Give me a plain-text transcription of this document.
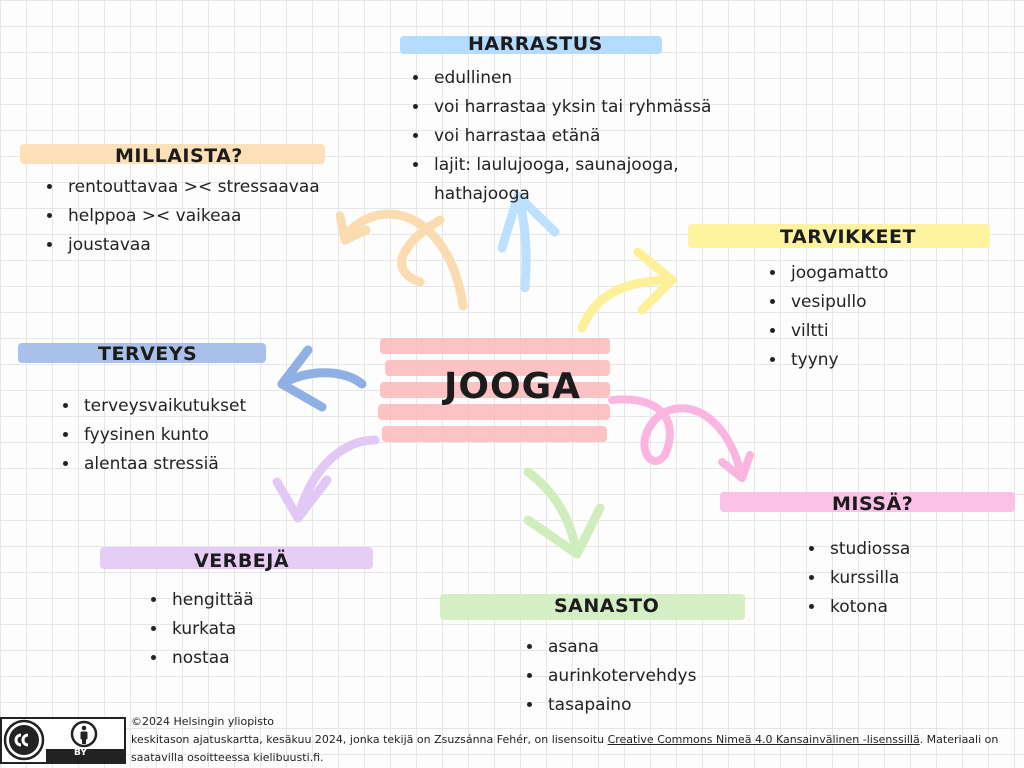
JOOGA
HARRASTUS
• edullinen
• voi harrastaa yksin tai ryhmässä
• voi harrastaa etänä
• lajit: laulujooga, saunajooga, hathajooga
MILLAISTA?
• rentouttavaa >< stressaavaa
• helppoa >< vaikeaa
• joustavaa	TARVIKKEET
• joogamatto
• vesipullo
• viltti
• tyyny
TERVEYS
• terveysvaikutukset
• fyysinen kunto
• alentaa stressiä
MISSÄ?
• studiossa
• kurssilla
• kotona
VERBEJÄ
• hengittää
• kurkata
• nostaa
SANASTO
• asana
• aurinkotervehdys
• tasapaino
BY
©2024 Helsingin yliopisto
keskitason ajatuskartta, kesäkuu 2024, jonka tekijä on Zsuzsánna Fehér, on lisensoitu Creative Commons Nimeä 4.0 Kansainvälinen -lisenssillä. Materiaali on saatavilla osoitteessa kielibuusti.fi.
